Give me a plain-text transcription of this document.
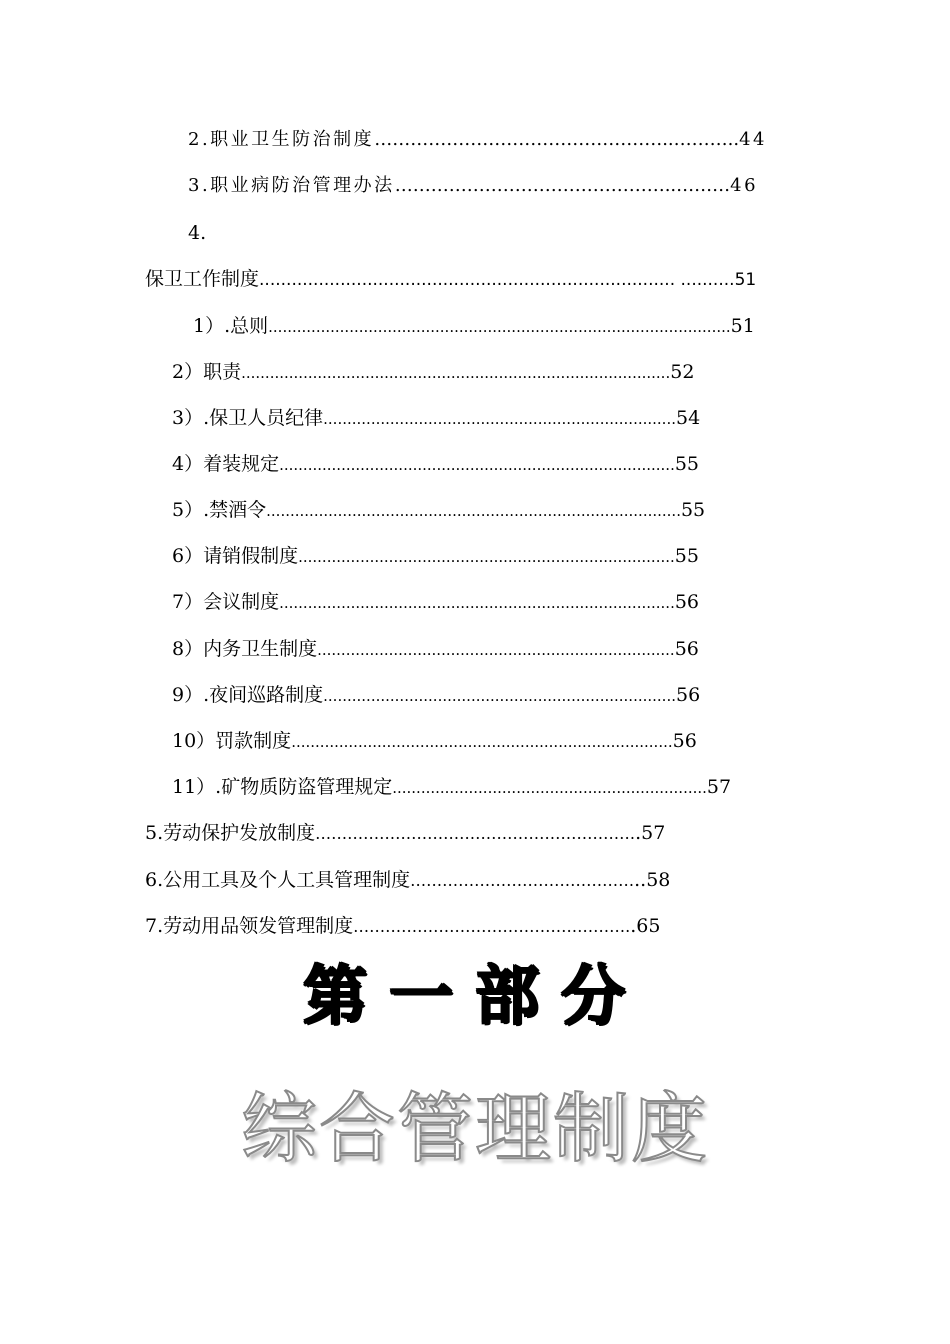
2.职业卫生防治制度…………………………………………..………..44
3.职业病防治管理办法………………………………………..………46
4.
保卫工作制度............................................................................. ..........51
1）.总则.................................................................................................51
2）职责..........................................................................................52
3）.保卫人员纪律..........................................................................54
4）着装规定...................................................................................55
5）.禁酒令.......................................................................................55
6）请销假制度...............................................................................55
7）会议制度...................................................................................56
8）内务卫生制度...........................................................................56
9）.夜间巡路制度..........................................................................56
10）罚款制度................................................................................56
11）.矿物质防盗管理规定..................................................................57
5.劳动保护发放制度…………………………………………………….57
6.公用工具及个人工具管理制度……………………………………..58
7.劳动用品领发管理制度……………………………………………..65
第一部分
综合管理制度
